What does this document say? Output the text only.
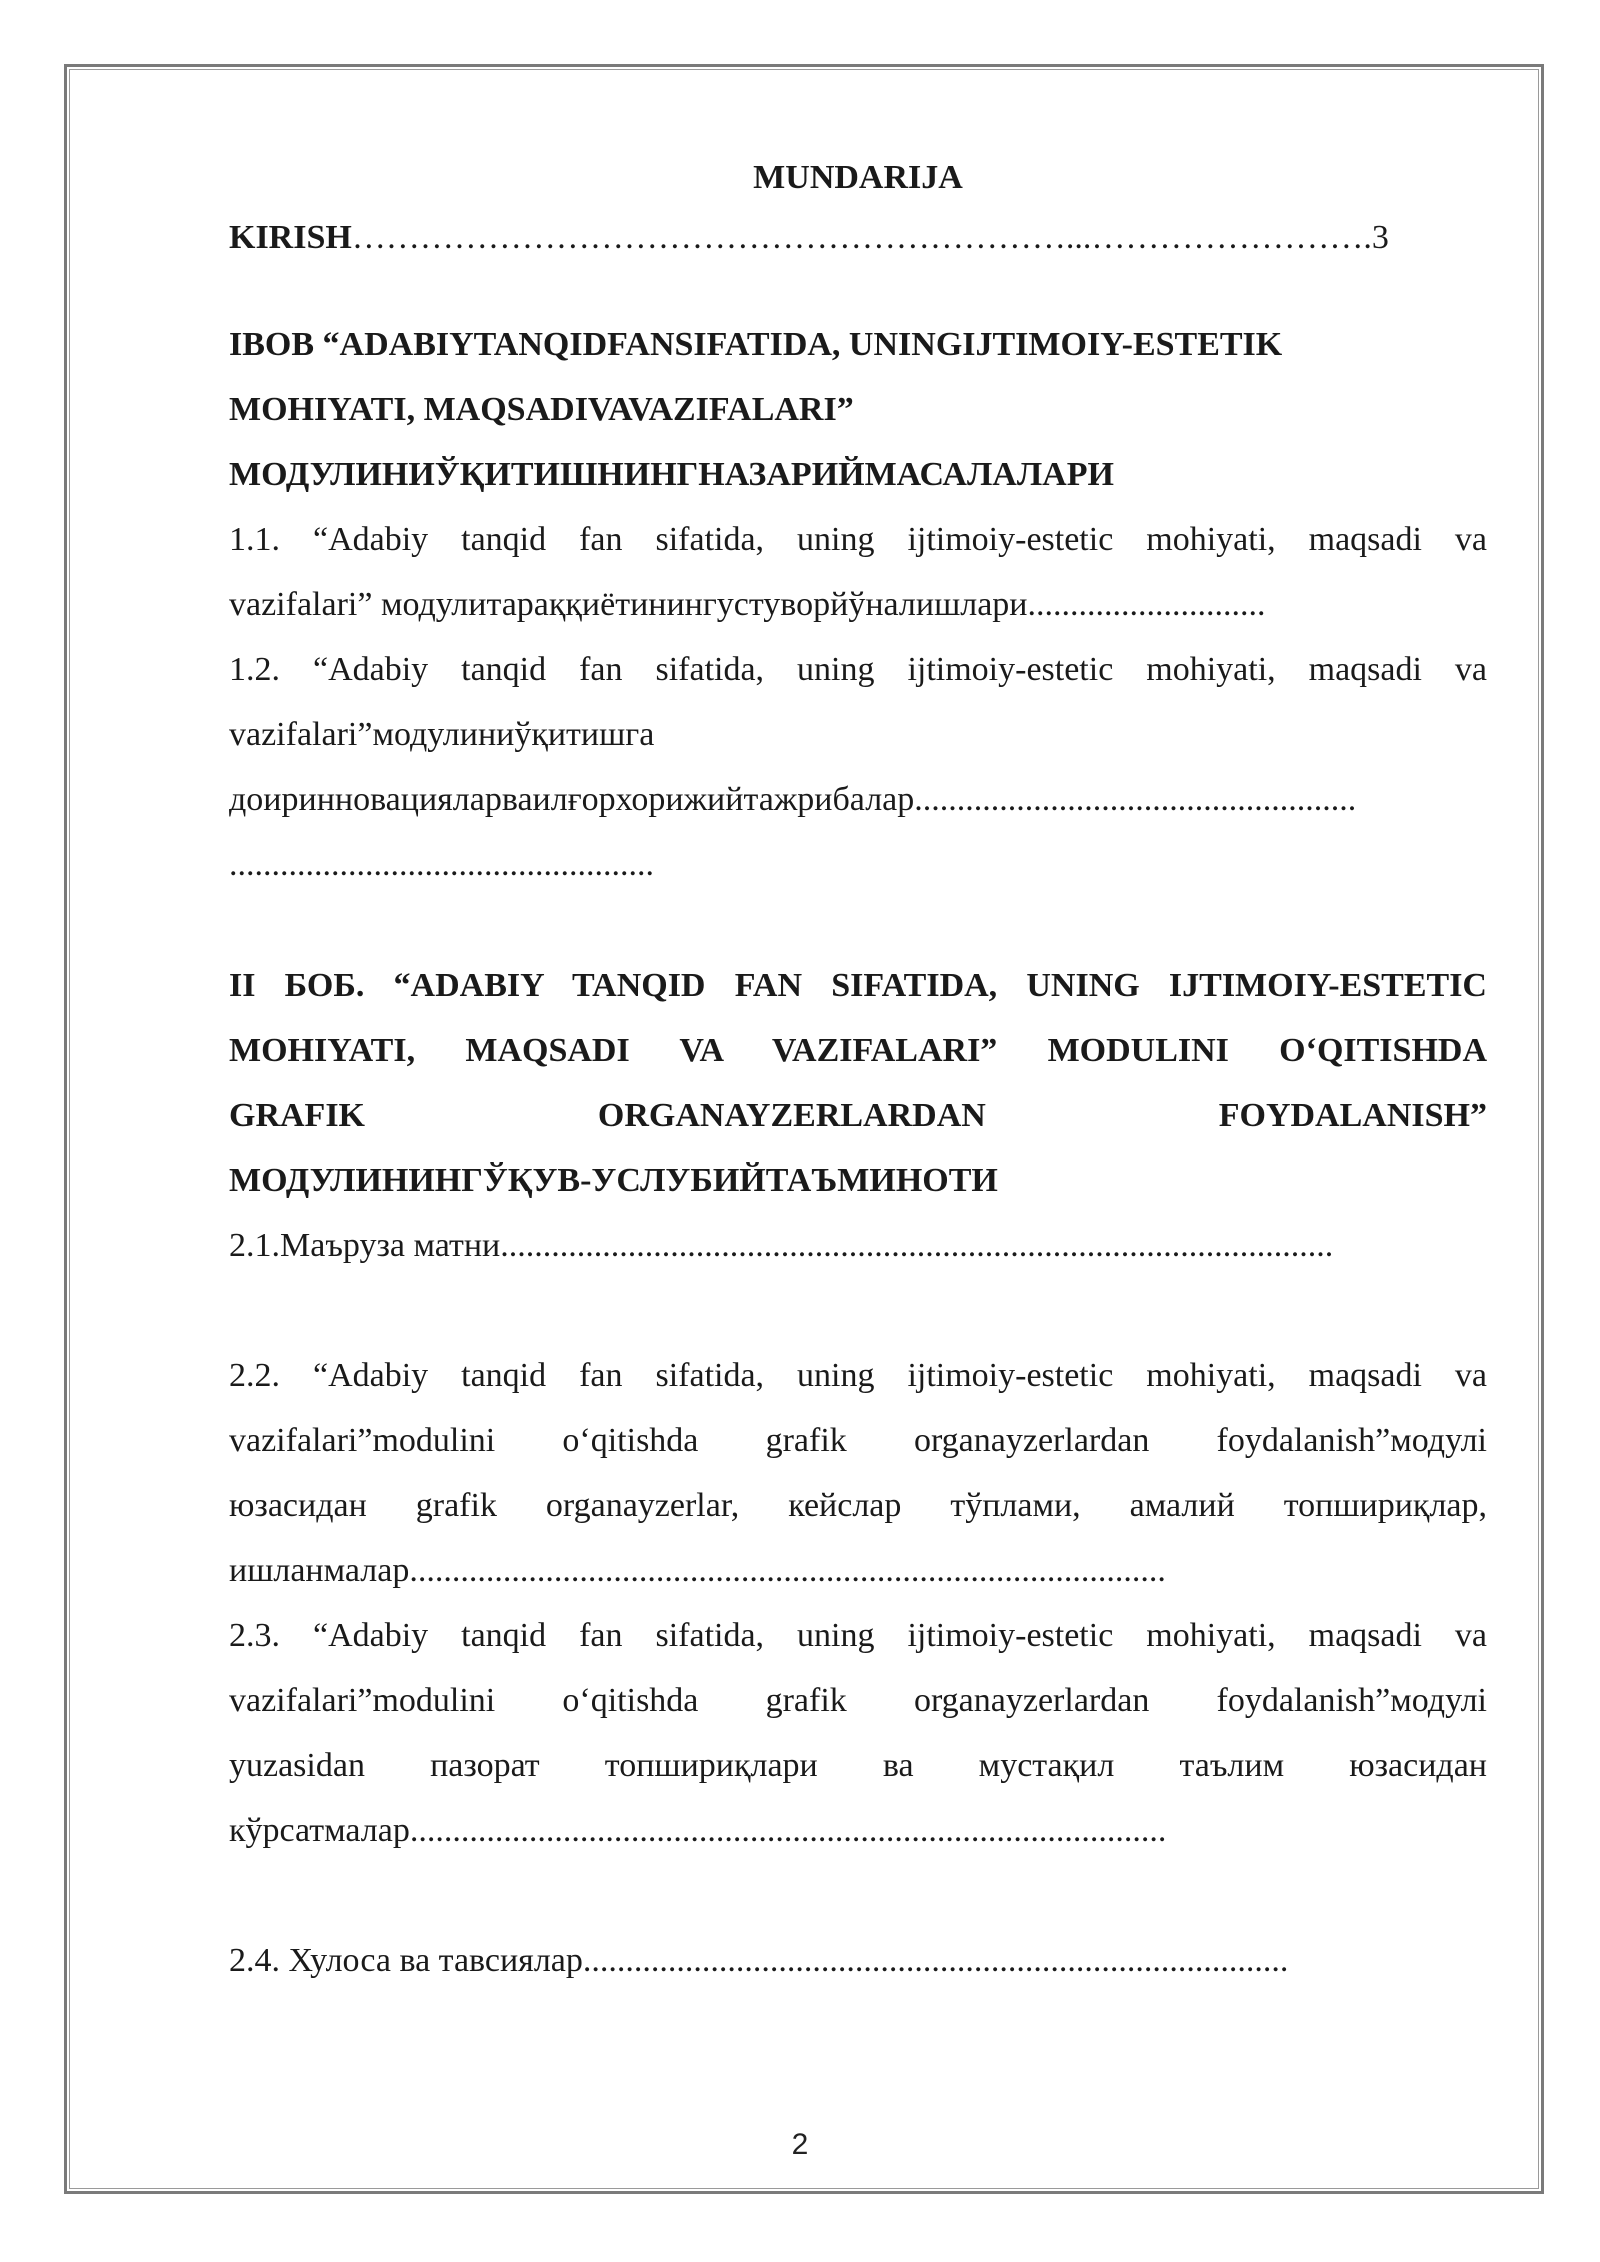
MUNDARIJA

KIRISH………………………………………………………...…………………….3

IBOB “ADABIYTANQIDFANSIFATIDA, UNINGIJTIMOIY-ESTETIK
MOHIYATI, MAQSADIVAVAZIFALARI”
МОДУЛИНИЎҚИТИШНИНГНАЗАРИЙМАСАЛАЛАРИ
1.1. “Adabiy tanqid fan sifatida, uning ijtimoiy-estetic mohiyati, maqsadi va
vazifalari” модулитараққиётинингустуворйўналишлари............................
1.2. “Adabiy tanqid fan sifatida, uning ijtimoiy-estetic mohiyati, maqsadi va
vazifalari”модулиниўқитишга
доиринновацияларваилғорхорижийтажрибалар....................................................
..................................................
II БОБ. “ADABIY TANQID FAN SIFATIDA, UNING IJTIMOIY-ESTETIC
MOHIYATI, MAQSADI VA VAZIFALARI” MODULINI O‘QITISHDA
GRAFIK ORGANAYZERLARDAN FOYDALANISH”
МОДУЛИНИНГЎҚУВ-УСЛУБИЙТАЪМИНОТИ
2.1.Маъруза матни..................................................................................................
2.2. “Adabiy tanqid fan sifatida, uning ijtimoiy-estetic mohiyati, maqsadi va
vazifalari”modulini o‘qitishda grafik organayzerlardan foydalanish”модулі
юзасидан grafik organayzerlar, кейслар тўплами, амалий топшириқлар,
ишланмалар.........................................................................................
2.3. “Adabiy tanqid fan sifatida, uning ijtimoiy-estetic mohiyati, maqsadi va
vazifalari”modulini o‘qitishda grafik organayzerlardan foydalanish”модулі
yuzasidan пазорат топшириқлари ва мустақил таълим юзасидан
кўрсатмалар.........................................................................................
2.4. Хулоса ва тавсиялар...................................................................................
2
